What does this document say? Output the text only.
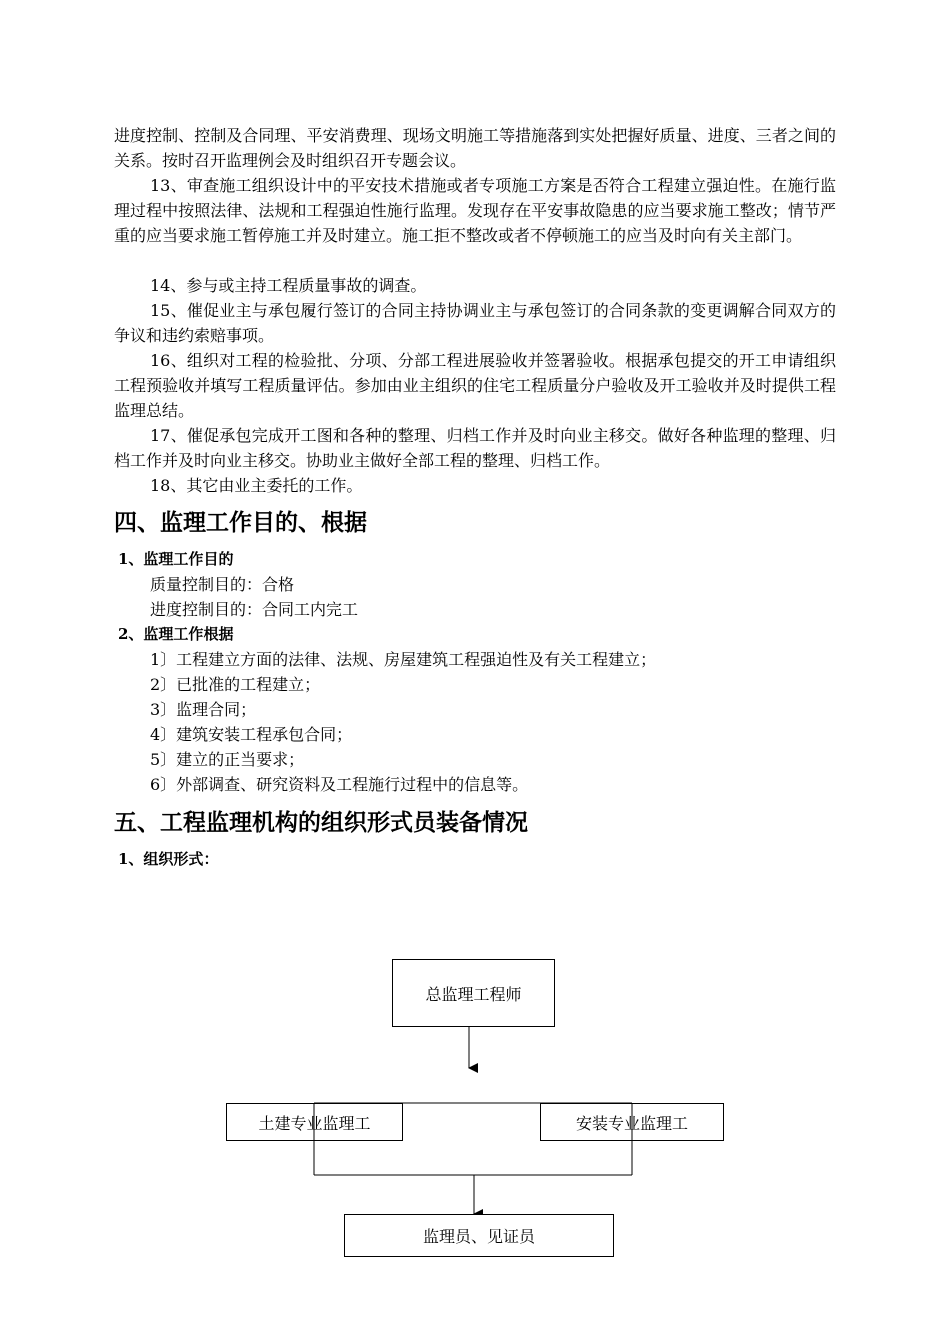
进度控制、控制及合同理、平安消费理、现场文明施工等措施落到实处把握好质量、进度、三者之间的关系。按时召开监理例会及时组织召开专题会议。

13、审查施工组织设计中的平安技术措施或者专项施工方案是否符合工程建立强迫性。在施行监理过程中按照法律、法规和工程强迫性施行监理。发现存在平安事故隐患的应当要求施工整改；情节严重的应当要求施工暂停施工并及时建立。施工拒不整改或者不停顿施工的应当及时向有关主部门。

14、参与或主持工程质量事故的调查。

15、催促业主与承包履行签订的合同主持协调业主与承包签订的合同条款的变更调解合同双方的争议和违约索赔事项。

16、组织对工程的检验批、分项、分部工程进展验收并签署验收。根据承包提交的开工申请组织工程预验收并填写工程质量评估。参加由业主组织的住宅工程质量分户验收及开工验收并及时提供工程监理总结。

17、催促承包完成开工图和各种的整理、归档工作并及时向业主移交。做好各种监理的整理、归档工作并及时向业主移交。协助业主做好全部工程的整理、归档工作。

18、其它由业主委托的工作。

四、监理工作目的、根据
1、监理工作目的

质量控制目的：合格

进度控制目的：合同工内完工

2、监理工作根据

1〕工程建立方面的法律、法规、房屋建筑工程强迫性及有关工程建立；

2〕已批准的工程建立；

3〕监理合同；

4〕建筑安装工程承包合同；

5〕建立的正当要求；

6〕外部调查、研究资料及工程施行过程中的信息等。

五、工程监理机构的组织形式员装备情况
1、组织形式：
总监理工程师
土建专业监理工	安装专业监理工
监理员、见证员
